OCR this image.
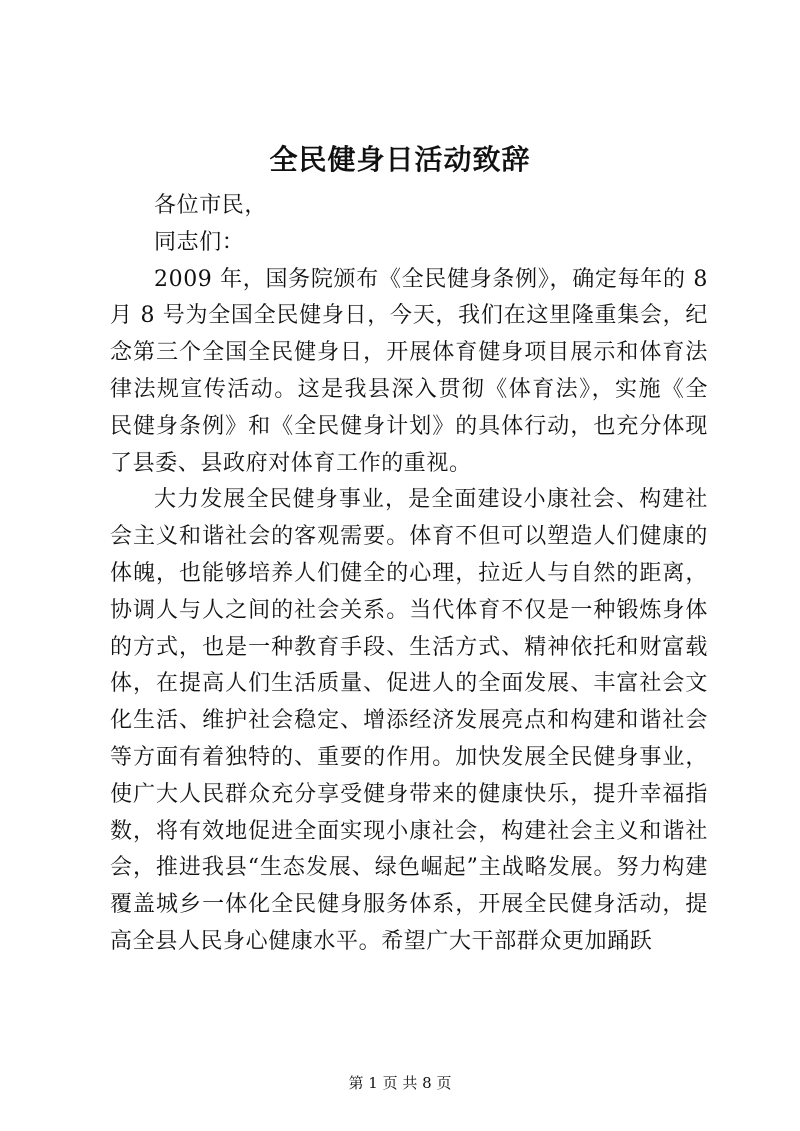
全民健身日活动致辞

各位市民，

同志们：

2009 年，国务院颁布《全民健身条例》，确定每年的 8 月 8 号为全国全民健身日，今天，我们在这里隆重集会，纪念第三个全国全民健身日，开展体育健身项目展示和体育法律法规宣传活动。这是我县深入贯彻《体育法》，实施《全民健身条例》和《全民健身计划》的具体行动，也充分体现了县委、县政府对体育工作的重视。

大力发展全民健身事业，是全面建设小康社会、构建社会主义和谐社会的客观需要。体育不但可以塑造人们健康的体魄，也能够培养人们健全的心理，拉近人与自然的距离，协调人与人之间的社会关系。当代体育不仅是一种锻炼身体的方式，也是一种教育手段、生活方式、精神依托和财富载体，在提高人们生活质量、促进人的全面发展、丰富社会文化生活、维护社会稳定、增添经济发展亮点和构建和谐社会等方面有着独特的、重要的作用。加快发展全民健身事业，使广大人民群众充分享受健身带来的健康快乐，提升幸福指数，将有效地促进全面实现小康社会，构建社会主义和谐社会，推进我县“生态发展、绿色崛起”主战略发展。努力构建覆盖城乡一体化全民健身服务体系，开展全民健身活动，提高全县人民身心健康水平。希望广大干部群众更加踊跃

第 1 页 共 8 页
